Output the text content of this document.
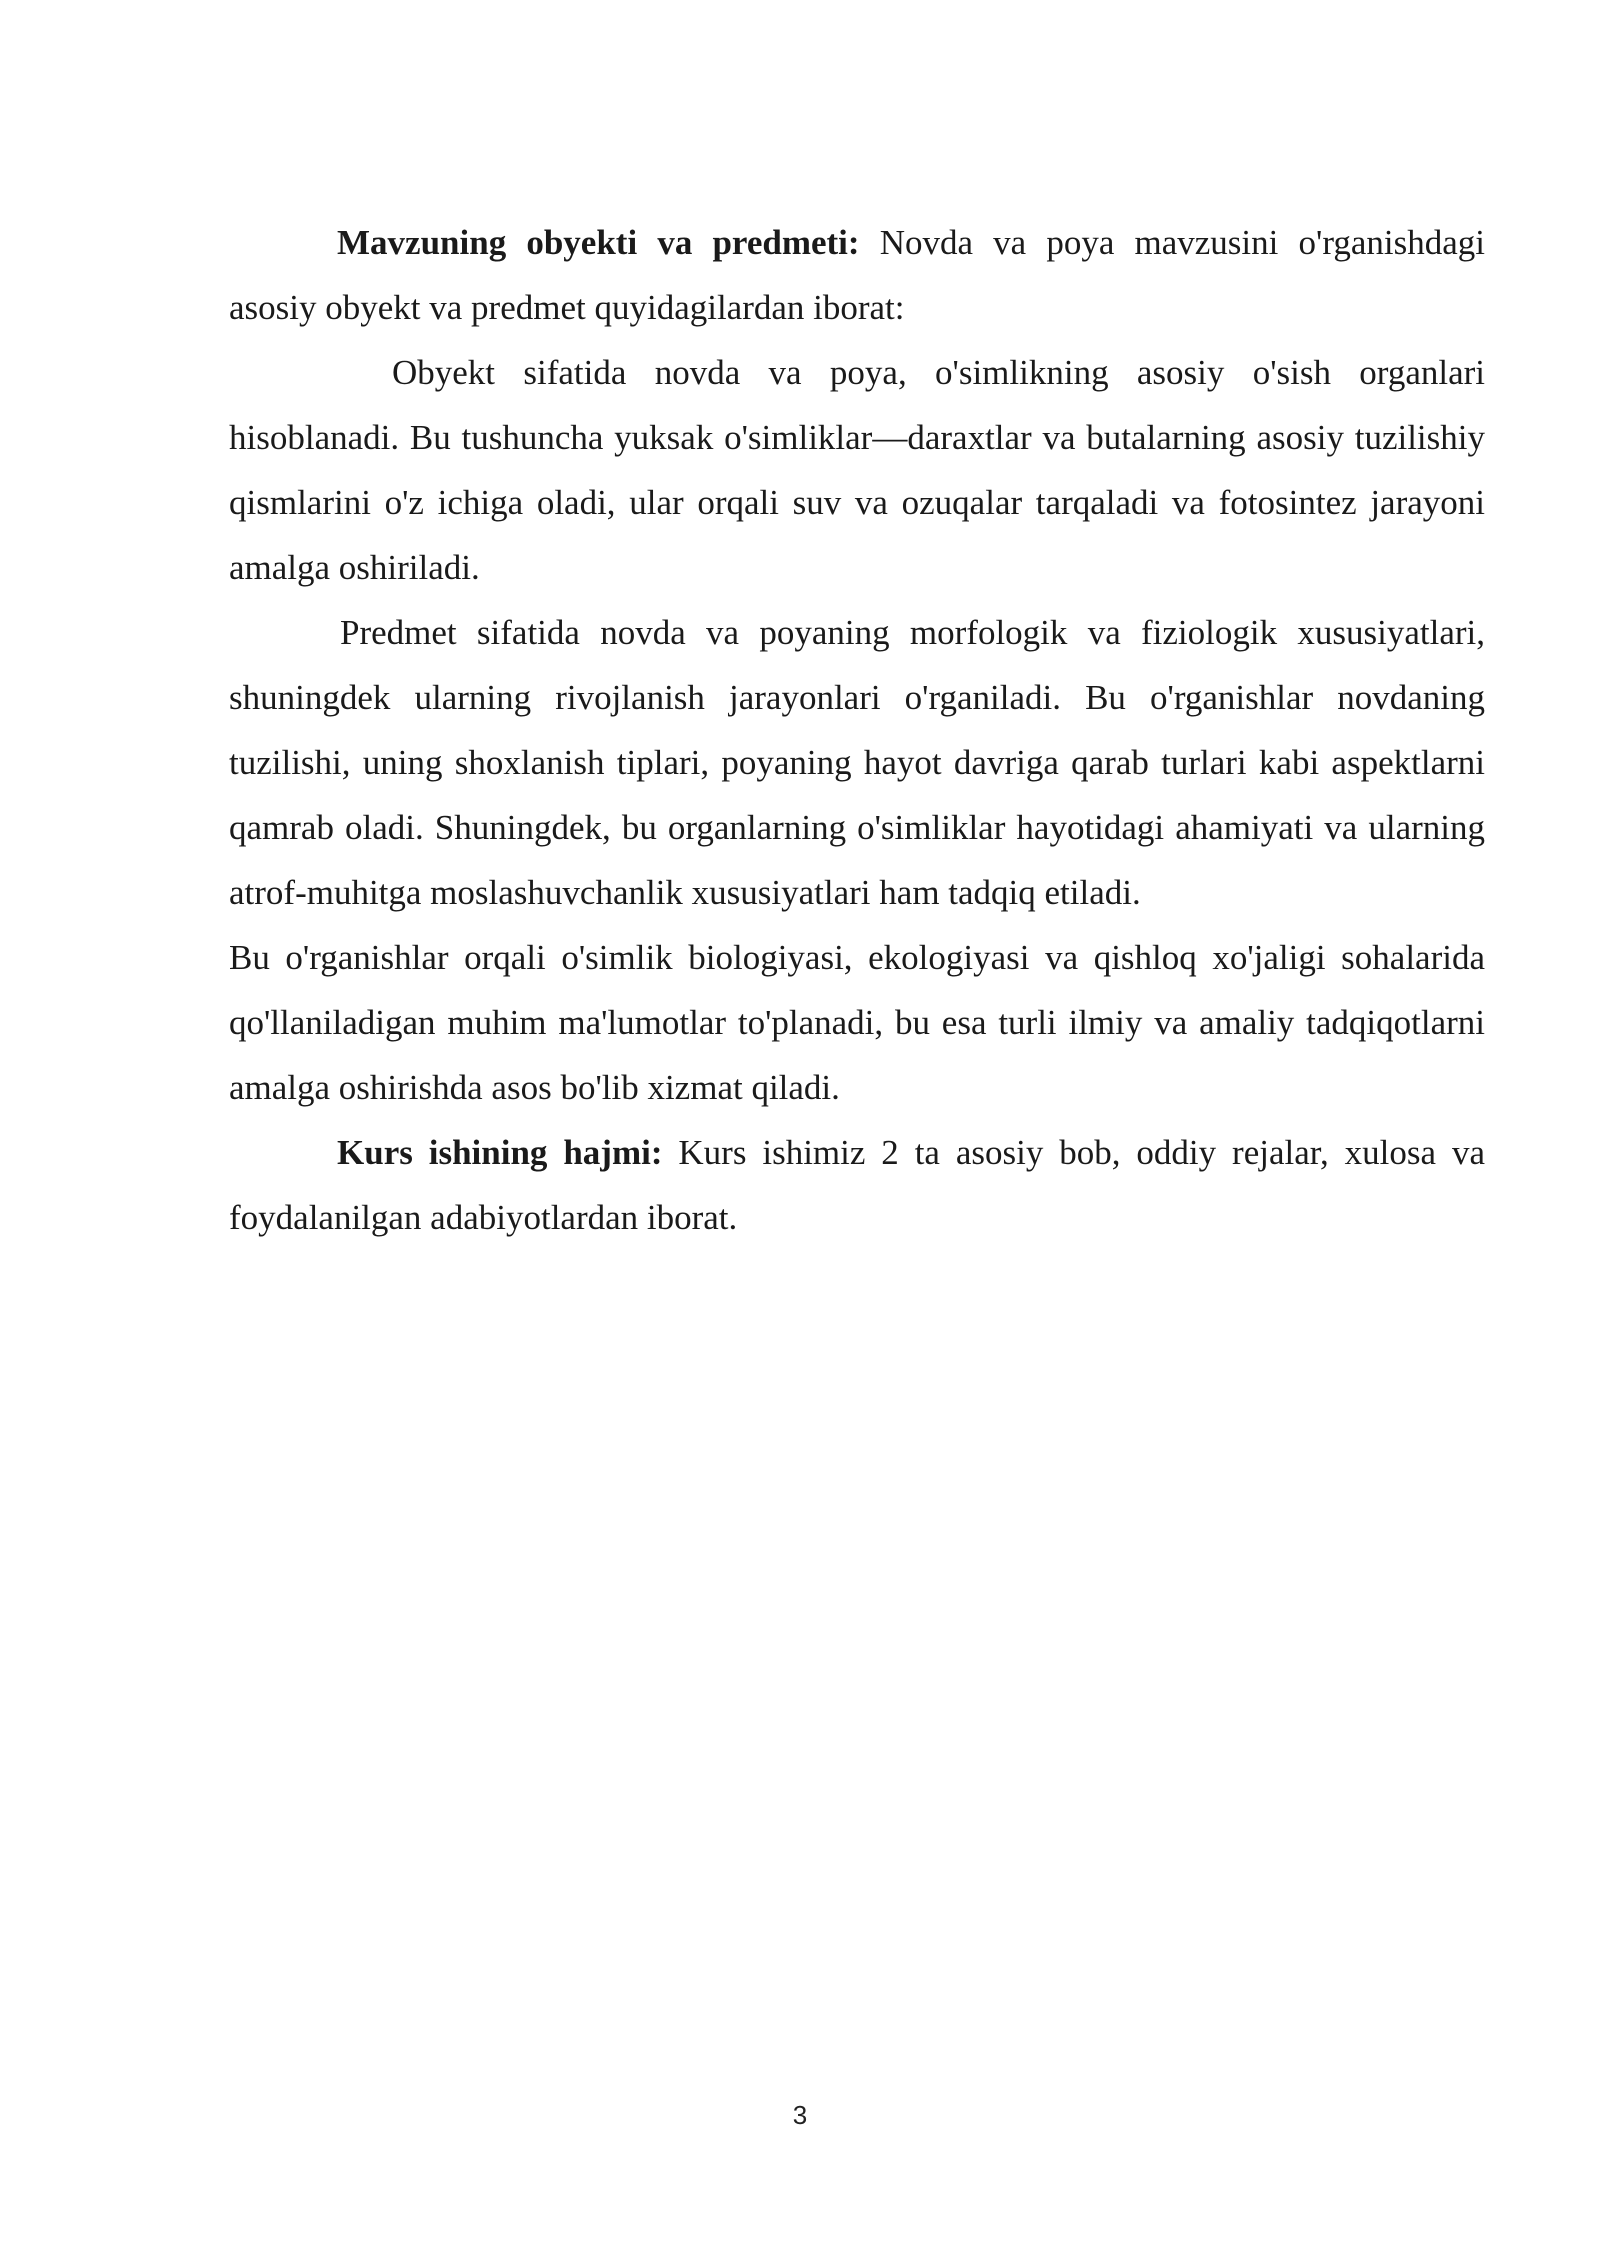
Mavzuning obyekti va predmeti: Novda va poya mavzusini o'rganishdagi asosiy obyekt va predmet quyidagilardan iborat:

Obyekt sifatida novda va poya, o'simlikning asosiy o'sish organlari hisoblanadi. Bu tushuncha yuksak o'simliklar—daraxtlar va butalarning asosiy tuzilishiy qismlarini o'z ichiga oladi, ular orqali suv va ozuqalar tarqaladi va fotosintez jarayoni amalga oshiriladi.

Predmet sifatida novda va poyaning morfologik va fiziologik xususiyatlari, shuningdek ularning rivojlanish jarayonlari o'rganiladi. Bu o'rganishlar novdaning tuzilishi, uning shoxlanish tiplari, poyaning hayot davriga qarab turlari kabi aspektlarni qamrab oladi. Shuningdek, bu organlarning o'simliklar hayotidagi ahamiyati va ularning atrof-muhitga moslashuvchanlik xususiyatlari ham tadqiq etiladi.

Bu o'rganishlar orqali o'simlik biologiyasi, ekologiyasi va qishloq xo'jaligi sohalarida qo'llaniladigan muhim ma'lumotlar to'planadi, bu esa turli ilmiy va amaliy tadqiqotlarni amalga oshirishda asos bo'lib xizmat qiladi.

Kurs ishining hajmi: Kurs ishimiz 2 ta asosiy bob, oddiy rejalar, xulosa va foydalanilgan adabiyotlardan iborat.

3
